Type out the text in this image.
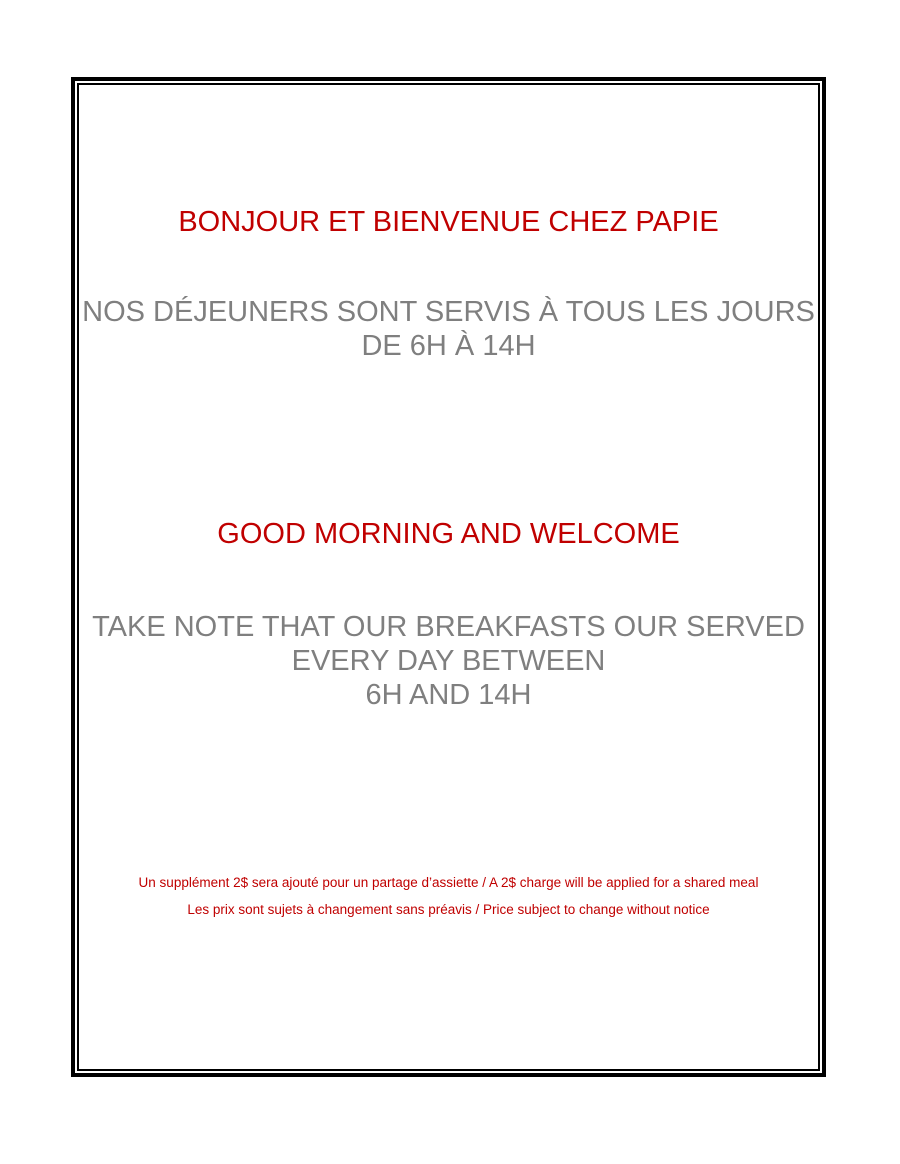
BONJOUR ET BIENVENUE CHEZ PAPIE
NOS DÉJEUNERS SONT SERVIS À TOUS LES JOURS
DE 6H À 14H
GOOD MORNING AND WELCOME
TAKE NOTE THAT OUR BREAKFASTS OUR SERVED
EVERY DAY BETWEEN
6H AND 14H
Un supplément 2$ sera ajouté pour un partage d’assiette / A 2$ charge will be applied for a shared meal
Les prix sont sujets à changement sans préavis / Price subject to change without notice
